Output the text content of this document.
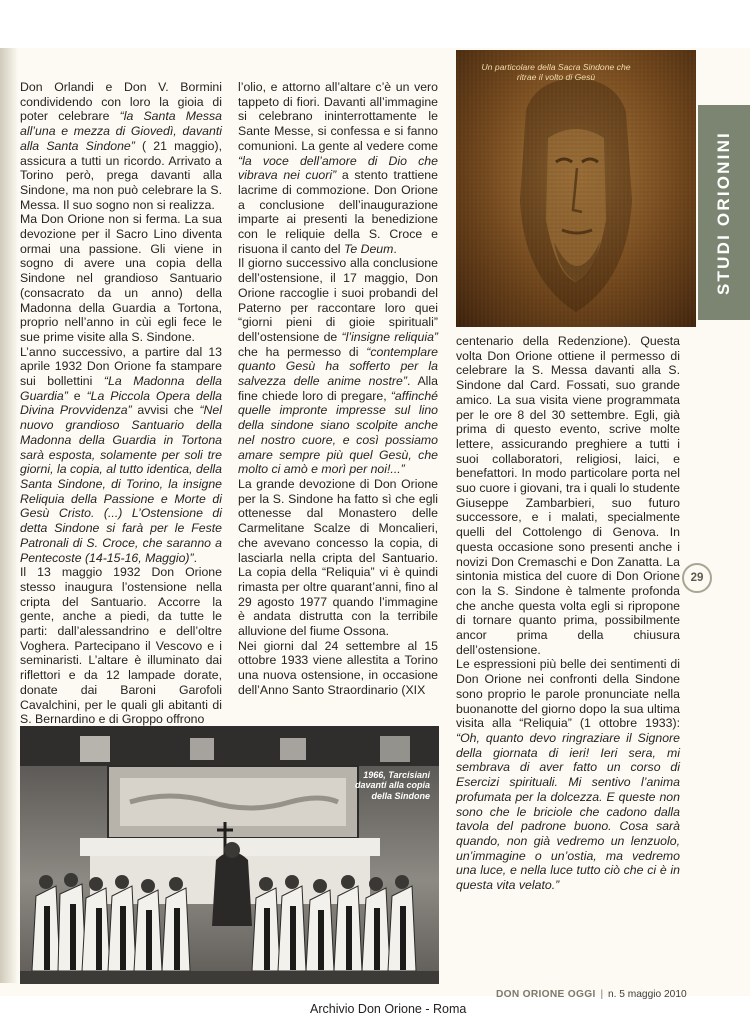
Don Orlandi e Don V. Bormini condividendo con loro la gioia di poter celebrare “la Santa Messa all’una e mezza di Giovedì, davanti alla Santa Sindone” ( 21 maggio), assicura a tutti un ricordo. Arrivato a Torino però, prega davanti alla Sindone, ma non può celebrare la S. Messa. Il suo sogno non si realizza.

Ma Don Orione non si ferma. La sua devozione per il Sacro Lino diventa ormai una passione. Gli viene in sogno di avere una copia della Sindone nel grandioso Santuario (consacrato da un anno) della Madonna della Guardia a Tortona, proprio nell’anno in cùi egli fece le sue prime visite alla S. Sindone.

L’anno successivo, a partire dal 13 aprile 1932 Don Orione fa stampare sui bollettini “La Madonna della Guardia” e “La Piccola Opera della Divina Provvidenza” avvisi che “Nel nuovo grandioso Santuario della Madonna della Guardia in Tortona sarà esposta, solamente per soli tre giorni, la copia, al tutto identica, della Santa Sindone, di Torino, la insigne Reliquia della Passione e Morte di Gesù Cristo. (...) L’Ostensione di detta Sindone si farà per le Feste Patronali di S. Croce, che saranno a Pentecoste (14-15-16, Maggio)”.

Il 13 maggio 1932 Don Orione stesso inaugura l’ostensione nella cripta del Santuario. Accorre la gente, anche a piedi, da tutte le parti: dall’alessandrino e dell’oltre Voghera. Partecipano il Vescovo e i seminaristi. L’altare è illuminato dai riflettori e da 12 lampade dorate, donate dai Baroni Garofoli Cavalchini, per le quali gli abitanti di S. Bernardino e di Groppo offrono

l’olio, e attorno all’altare c’è un vero tappeto di fiori. Davanti all’immagine si celebrano ininterrottamente le Sante Messe, si confessa e si fanno comunioni. La gente al vedere come “la voce dell’amore di Dio che vibrava nei cuori” a stento trattiene lacrime di commozione. Don Orione a conclusione dell’inaugurazione imparte ai presenti la benedizione con le reliquie della S. Croce e risuona il canto del Te Deum.

Il giorno successivo alla conclusione dell’ostensione, il 17 maggio, Don Orione raccoglie i suoi probandi del Paterno per raccontare loro quei “giorni pieni di gioie spirituali” dell’ostensione de “l’insigne reliquia” che ha permesso di “contemplare quanto Gesù ha sofferto per la salvezza delle anime nostre”. Alla fine chiede loro di pregare, “affinché quelle impronte impresse sul lino della sindone siano scolpite anche nel nostro cuore, e così possiamo amare sempre più quel Gesù, che molto ci amò e morì per noi!...”

La grande devozione di Don Orione per la S. Sindone ha fatto sì che egli ottenesse dal Monastero delle Carmelitane Scalze di Moncalieri, che avevano concesso la copia, di lasciarla nella cripta del Santuario. La copia della “Reliquia” vi è quindi rimasta per oltre quarant’anni, fino al 29 agosto 1977 quando l’immagine è andata distrutta con la terribile alluvione del fiume Ossona.

Nei giorni dal 24 settembre al 15 ottobre 1933 viene allestita a Torino una nuova ostensione, in occasione dell’Anno Santo Straordinario (XIX

centenario della Redenzione). Questa volta Don Orione ottiene il permesso di celebrare la S. Messa davanti alla S. Sindone dal Card. Fossati, suo grande amico. La sua visita viene programmata per le ore 8 del 30 settembre. Egli, già prima di questo evento, scrive molte lettere, assicurando preghiere a tutti i suoi collaboratori, religiosi, laici, e benefattori. In modo particolare porta nel suo cuore i giovani, tra i quali lo studente Giuseppe Zambarbieri, suo futuro successore, e i malati, specialmente quelli del Cottolengo di Genova. In questa occasione sono presenti anche i novizi Don Cremaschi e Don Zanatta. La sintonia mistica del cuore di Don Orione con la S. Sindone è talmente profonda che anche questa volta egli si ripropone di tornare quanto prima, possibilmente ancor prima della chiusura dell’ostensione.

Le espressioni più belle dei sentimenti di Don Orione nei confronti della Sindone sono proprio le parole pronunciate nella buonanotte del giorno dopo la sua ultima visita alla “Reliquia” (1 ottobre 1933): “Oh, quanto devo ringraziare il Signore della giornata di ieri! Ieri sera, mi sembrava di aver fatto un corso di Esercizi spirituali. Mi sentivo l’anima profumata per la dolcezza. E queste non sono che le briciole che cadono dalla tavola del padrone buono. Cosa sarà quando, non già vedremo un lenzuolo, un’immagine o un’ostia, ma vedremo una luce, e nella luce tutto ciò che ci è in questa vita velato.”

Un particolare della Sacra Sindone che ritrae il volto di Gesù
STUDI ORIONINI
29
1966, Tarcisiani davanti alla copia della Sindone
DON ORIONE OGGI | n. 5 maggio 2010
Archivio Don Orione - Roma
